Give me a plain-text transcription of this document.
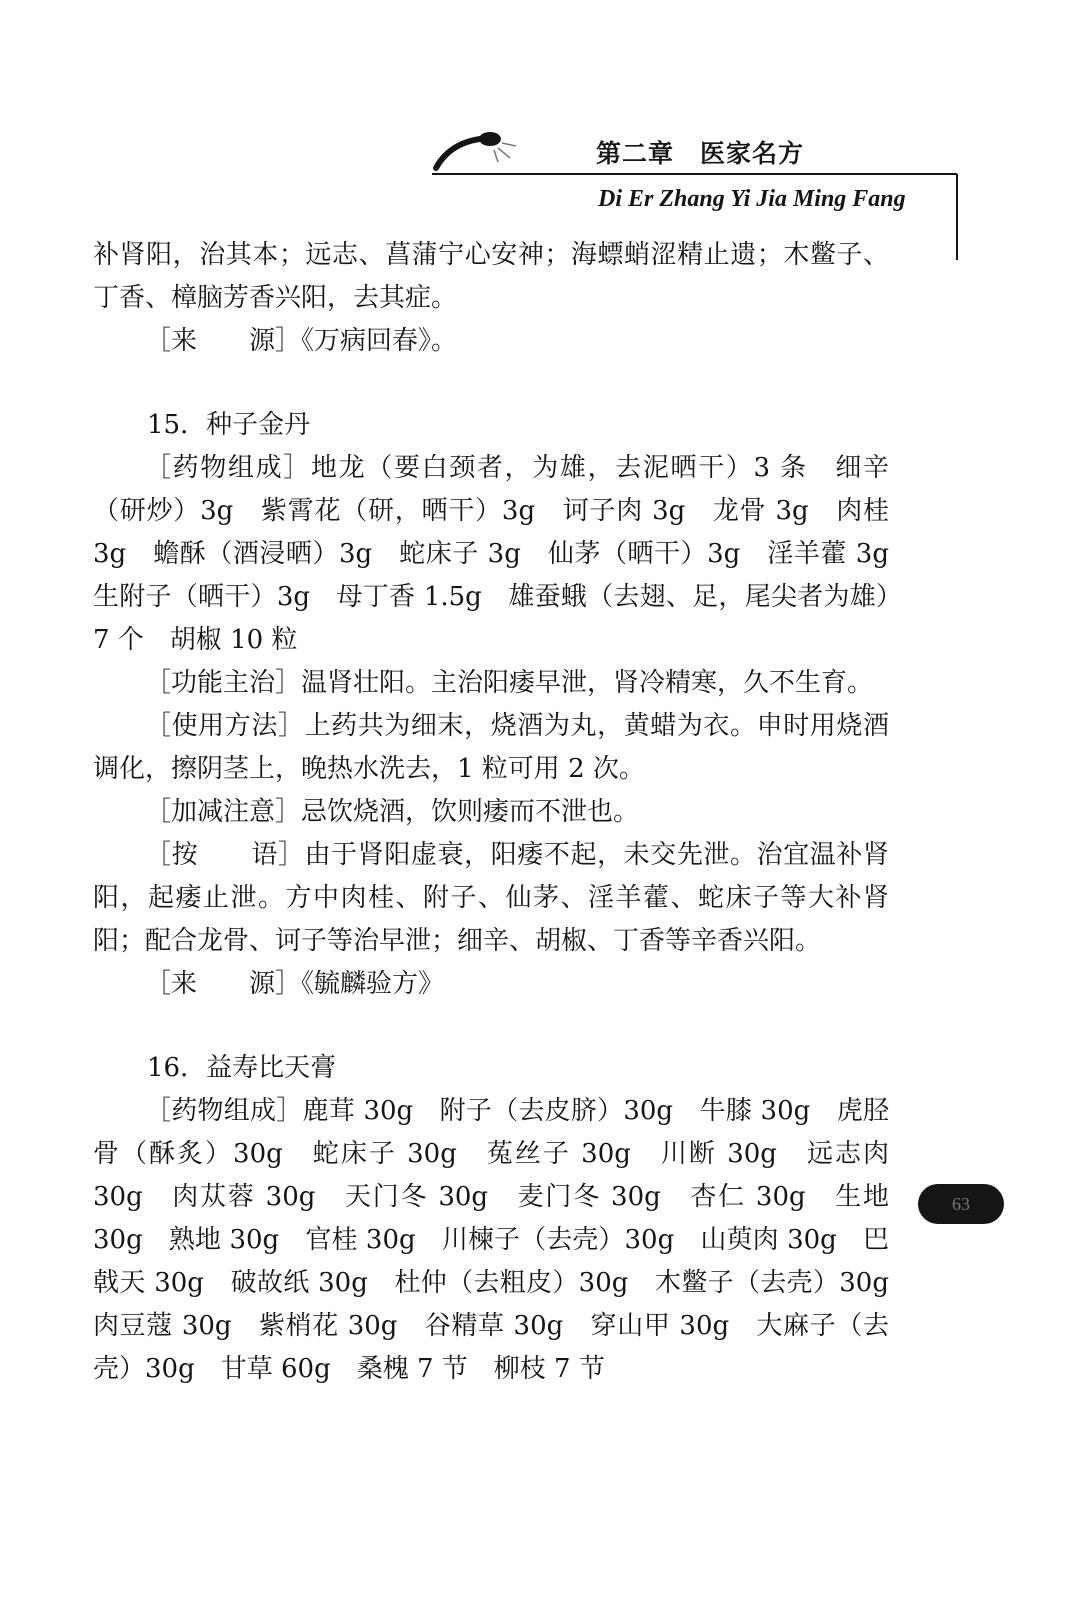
第二章　医家名方
Di Er Zhang Yi Jia Ming Fang
63

补肾阳，治其本；远志、菖蒲宁心安神；海螵蛸涩精止遗；木鳖子、丁香、樟脑芳香兴阳，去其症。

［来　　源］《万病回春》。

15．种子金丹

［药物组成］地龙（要白颈者，为雄，去泥晒干）3 条　细辛（研炒）3g　紫霄花（研，晒干）3g　诃子肉 3g　龙骨 3g　肉桂 3g　蟾酥（酒浸晒）3g　蛇床子 3g　仙茅（晒干）3g　淫羊藿 3g　生附子（晒干）3g　母丁香 1.5g　雄蚕蛾（去翅、足，尾尖者为雄）7 个　胡椒 10 粒

［功能主治］温肾壮阳。主治阳痿早泄，肾冷精寒，久不生育。

［使用方法］上药共为细末，烧酒为丸，黄蜡为衣。申时用烧酒调化，擦阴茎上，晚热水洗去，1 粒可用 2 次。

［加减注意］忌饮烧酒，饮则痿而不泄也。

［按　　语］由于肾阳虚衰，阳痿不起，未交先泄。治宜温补肾阳，起痿止泄。方中肉桂、附子、仙茅、淫羊藿、蛇床子等大补肾阳；配合龙骨、诃子等治早泄；细辛、胡椒、丁香等辛香兴阳。

［来　　源］《毓麟验方》

16．益寿比天膏

［药物组成］鹿茸 30g　附子（去皮脐）30g　牛膝 30g　虎胫骨（酥炙）30g　蛇床子 30g　菟丝子 30g　川断 30g　远志肉 30g　肉苁蓉 30g　天门冬 30g　麦门冬 30g　杏仁 30g　生地 30g　熟地 30g　官桂 30g　川楝子（去壳）30g　山萸肉 30g　巴戟天 30g　破故纸 30g　杜仲（去粗皮）30g　木鳖子（去壳）30g　肉豆蔻 30g　紫梢花 30g　谷精草 30g　穿山甲 30g　大麻子（去壳）30g　甘草 60g　桑槐 7 节　柳枝 7 节
